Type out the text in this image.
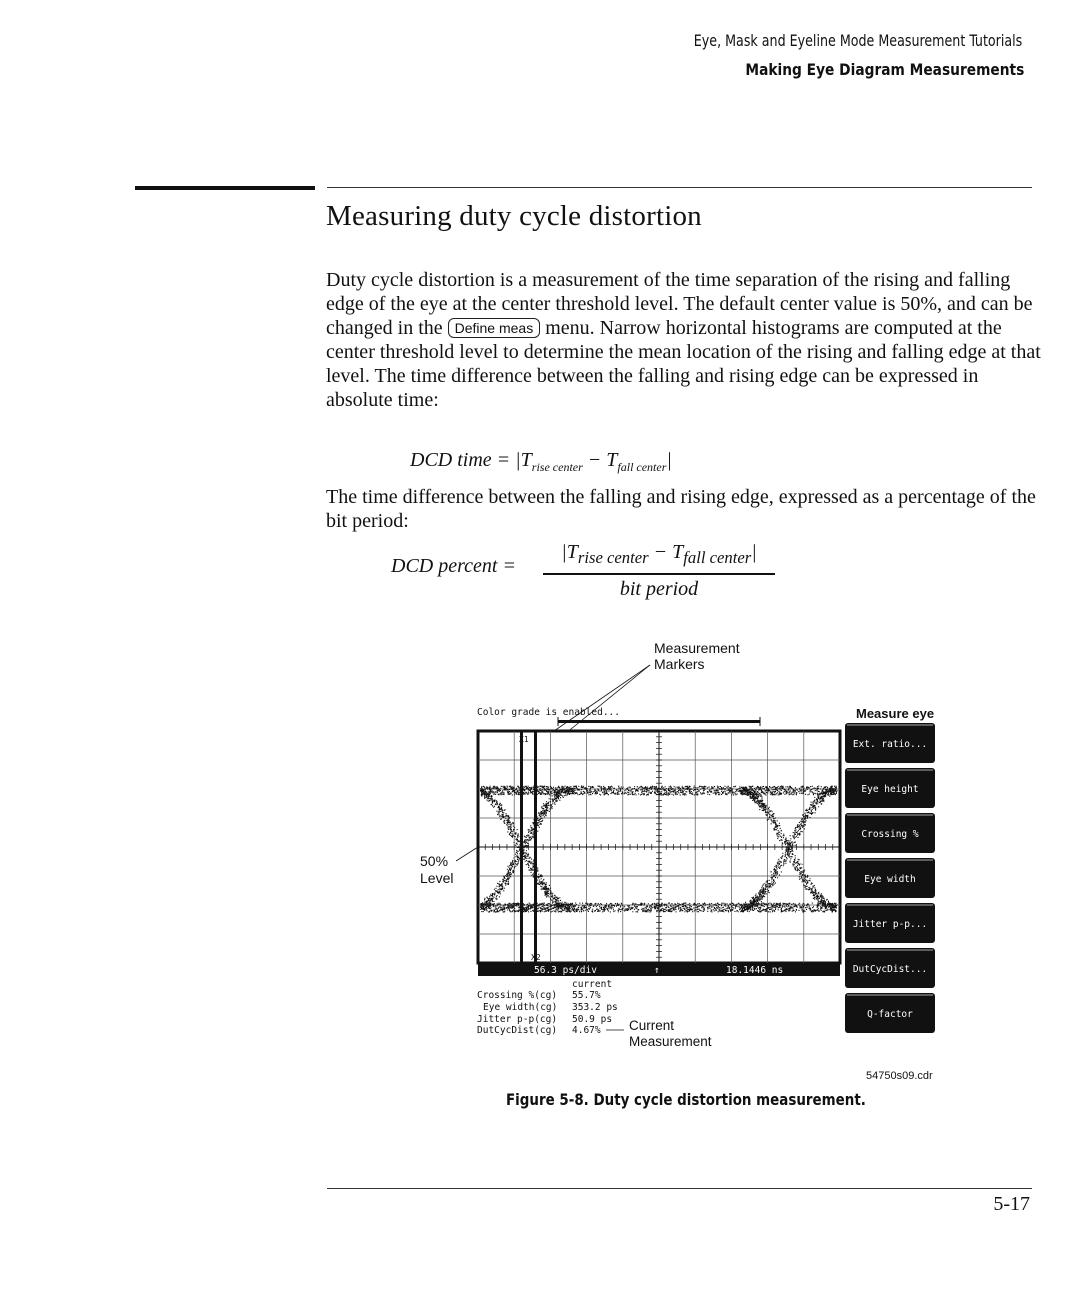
Eye, Mask and Eyeline Mode Measurement Tutorials
Making Eye Diagram Measurements
Measuring duty cycle distortion

Duty cycle distortion is a measurement of the time separation of the rising and falling edge of the eye at the center threshold level. The default center value is 50%, and can be changed in the Define meas menu. Narrow horizontal histograms are computed at the center threshold level to determine the mean location of the rising and falling edge at that level. The time difference between the falling and rising edge can be expressed in absolute time:

DCD time = $|T_{rise center} - T_{fall center}|$

The time difference between the falling and rising edge, expressed as a percentage of the bit period:

DCD percent =
$|T_{rise center} - T_{fall center}|$
bit period
Measurement
Markers
50%
Level
Color grade is enabled...
X1
X2
56.3 ps/div	↑	18.1446 ns
current
Crossing %(cg) 55.7%
Eye width(cg) 353.2 ps
Jitter p-p(cg) 50.9 ps
DutCycDist(cg) 4.67% Current
Measurement
Measure eye
Ext. ratio...
Eye height
Crossing %
Eye width
Jitter p-p...
DutCycDist...
Q-factor
54750s09.cdr
Figure 5-8. Duty cycle distortion measurement.
5-17
